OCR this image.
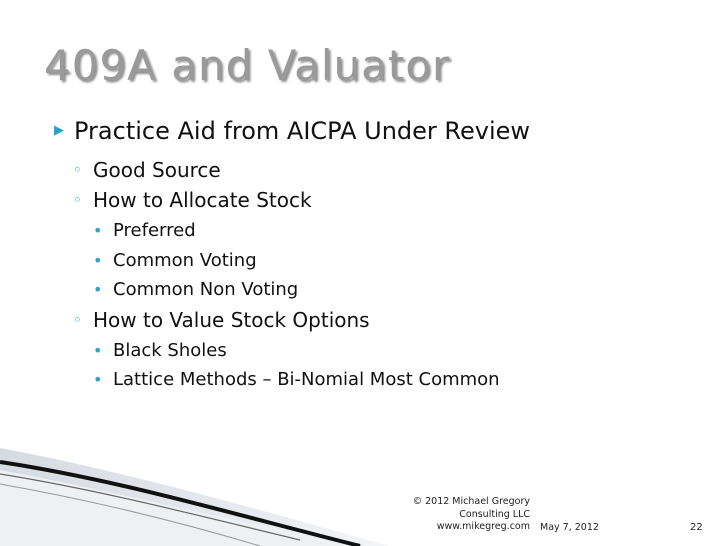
409A and Valuator
▶ Practice Aid from AICPA Under Review
◦ Good Source
◦ How to Allocate Stock
• Preferred
• Common Voting
• Common Non Voting
◦ How to Value Stock Options
• Black Sholes
• Lattice Methods – Bi-Nomial Most Common
© 2012 Michael Gregory
Consulting LLC
www.mikegreg.com May 7, 2012	22
